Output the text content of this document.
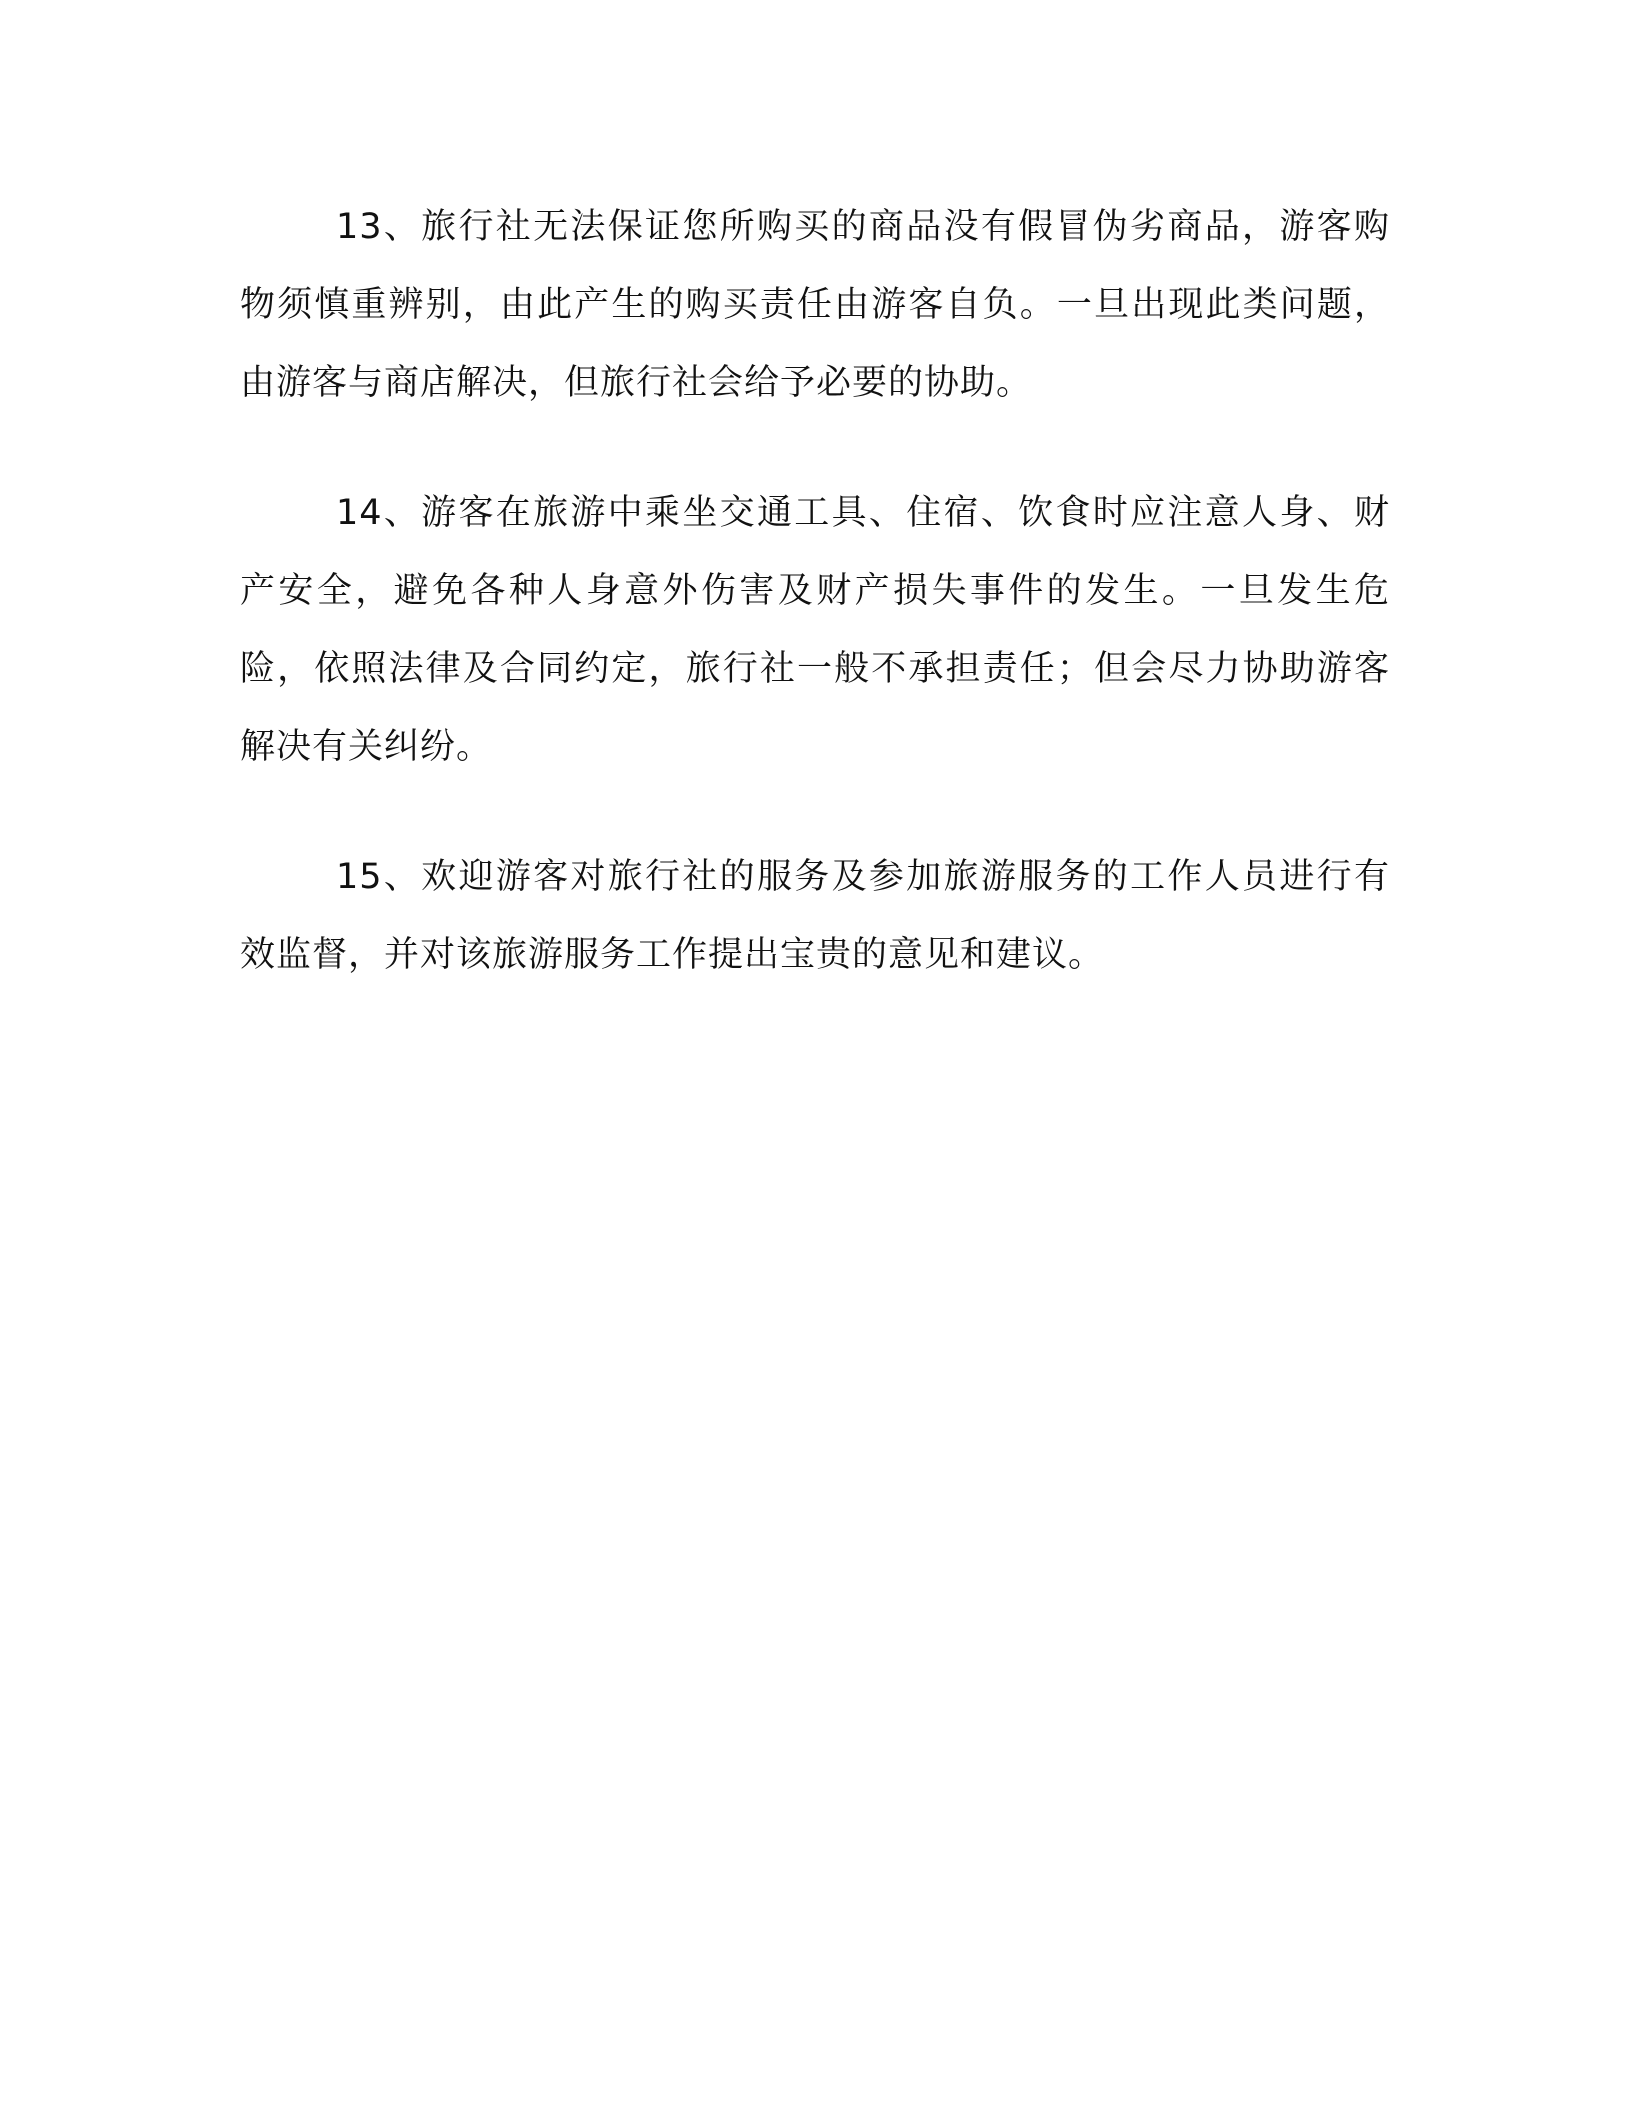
13、旅行社无法保证您所购买的商品没有假冒伪劣商品，游客购物须慎重辨别，由此产生的购买责任由游客自负。一旦出现此类问题，由游客与商店解决，但旅行社会给予必要的协助。

14、游客在旅游中乘坐交通工具、住宿、饮食时应注意人身、财产安全，避免各种人身意外伤害及财产损失事件的发生。一旦发生危险，依照法律及合同约定，旅行社一般不承担责任；但会尽力协助游客解决有关纠纷。

15、欢迎游客对旅行社的服务及参加旅游服务的工作人员进行有效监督，并对该旅游服务工作提出宝贵的意见和建议。
